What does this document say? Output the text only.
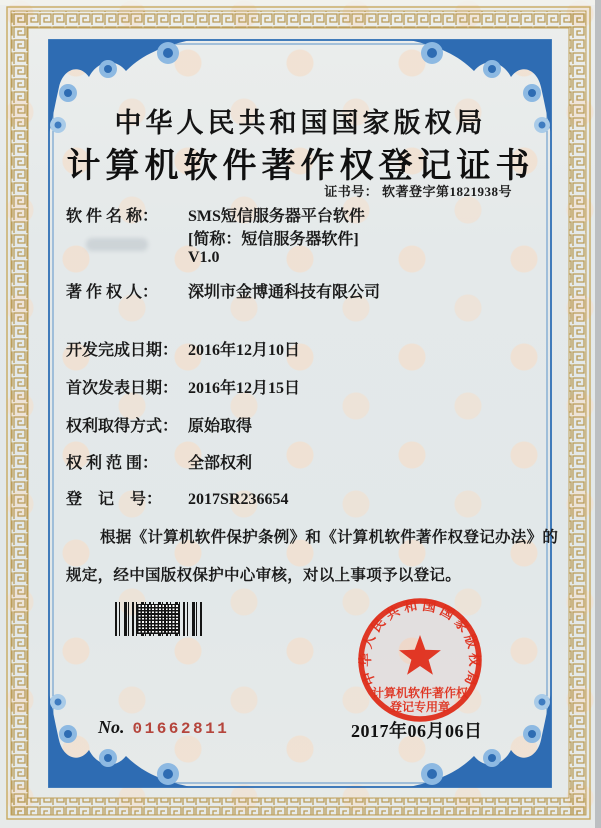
中华人民共和国国家版权局
计算机软件著作权登记证书
证书号： 软著登字第1821938号
软 件 名 称： SMS短信服务器平台软件
[简称：短信服务器软件]
V1.0
著 作 权 人： 深圳市金博通科技有限公司
开发完成日期： 2016年12月10日
首次发表日期： 2016年12月15日
权利取得方式： 原始取得
权 利 范 围： 全部权利
登　记　号： 2017SR236654
根据《计算机软件保护条例》和《计算机软件著作权登记办法》的
规定，经中国版权保护中心审核，对以上事项予以登记。
中华人民共和国国家版权局
计算机软件著作权
登记专用章
2017年06月06日
No. 01662811
